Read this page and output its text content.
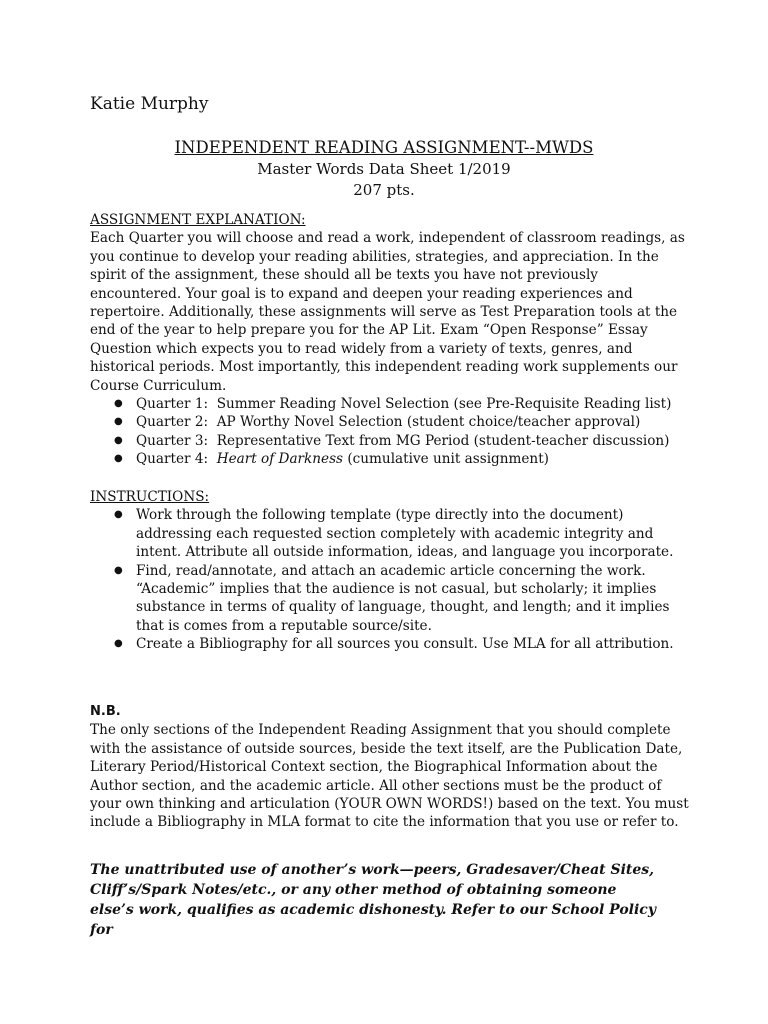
Katie Murphy
INDEPENDENT READING ASSIGNMENT--MWDS
Master Words Data Sheet 1/2019
207 pts.

ASSIGNMENT EXPLANATION:

Each Quarter you will choose and read a work, independent of classroom readings, as you continue to develop your reading abilities, strategies, and appreciation. In the spirit of the assignment, these should all be texts you have not previously encountered. Your goal is to expand and deepen your reading experiences and repertoire. Additionally, these assignments will serve as Test Preparation tools at the end of the year to help prepare you for the AP Lit. Exam “Open Response” Essay Question which expects you to read widely from a variety of texts, genres, and historical periods. Most importantly, this independent reading work supplements our Course Curriculum.

● Quarter 1: Summer Reading Novel Selection (see Pre-Requisite Reading list)
● Quarter 2: AP Worthy Novel Selection (student choice/teacher approval)
● Quarter 3: Representative Text from MG Period (student-teacher discussion)
● Quarter 4: Heart of Darkness (cumulative unit assignment)

INSTRUCTIONS:

● Work through the following template (type directly into the document) addressing each requested section completely with academic integrity and intent. Attribute all outside information, ideas, and language you incorporate.
● Find, read/annotate, and attach an academic article concerning the work. “Academic” implies that the audience is not casual, but scholarly; it implies substance in terms of quality of language, thought, and length; and it implies that is comes from a reputable source/site.
● Create a Bibliography for all sources you consult. Use MLA for all attribution.

N.B.

The only sections of the Independent Reading Assignment that you should complete with the assistance of outside sources, beside the text itself, are the Publication Date, Literary Period/Historical Context section, the Biographical Information about the Author section, and the academic article. All other sections must be the product of your own thinking and articulation (YOUR OWN WORDS!) based on the text. You must include a Bibliography in MLA format to cite the information that you use or refer to.

The unattributed use of another’s work—peers, Gradesaver/Cheat Sites, Cliff’s/Spark Notes/etc., or any other method of obtaining someone else’s work, qualifies as academic dishonesty. Refer to our School Policy for
